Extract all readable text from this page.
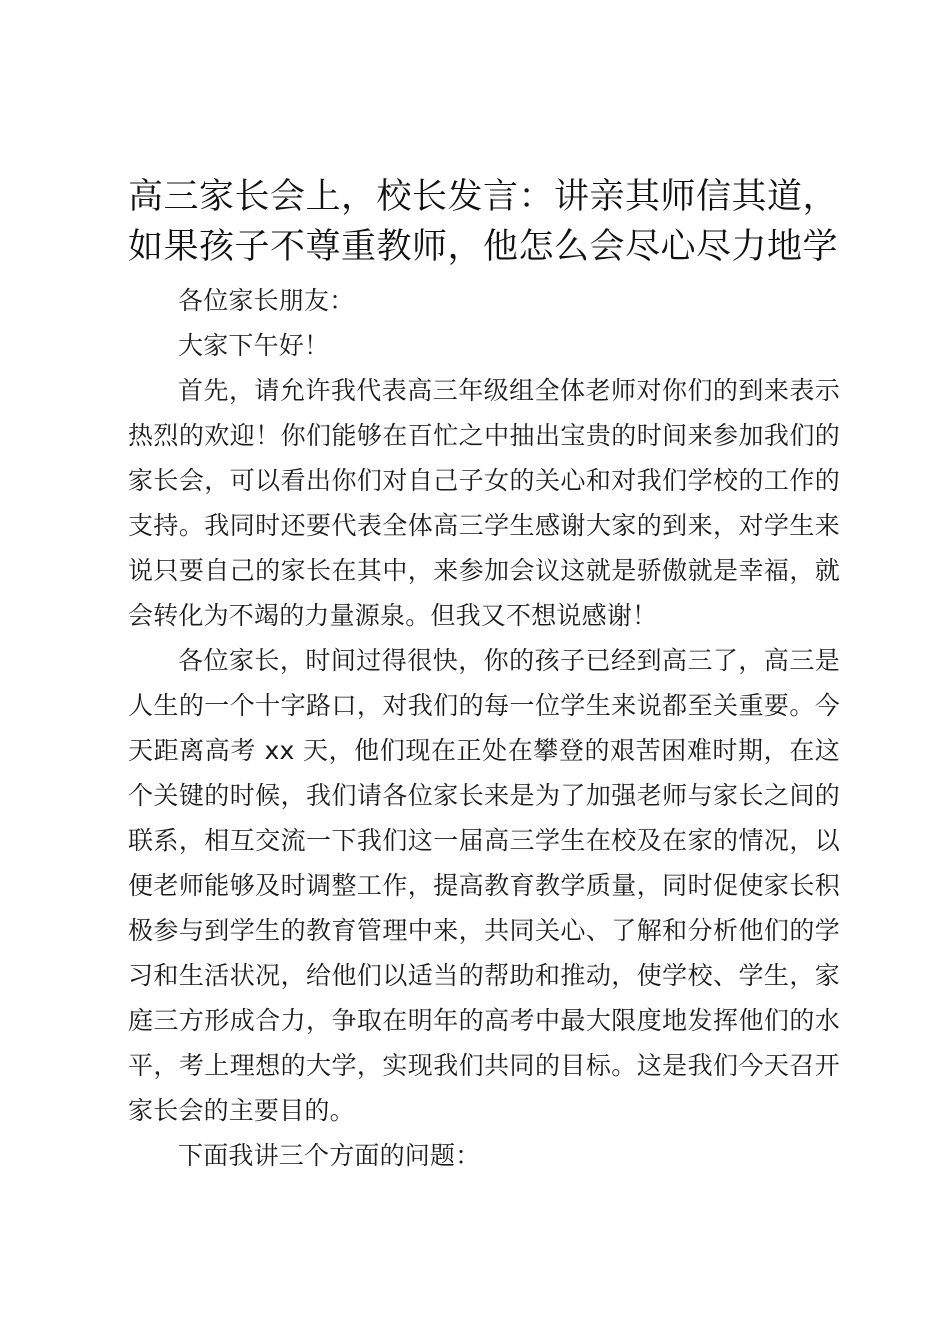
高三家长会上，校长发言：讲亲其师信其道，如果孩子不尊重教师，他怎么会尽心尽力地学

各位家长朋友：

大家下午好！

首先，请允许我代表高三年级组全体老师对你们的到来表示热烈的欢迎！你们能够在百忙之中抽出宝贵的时间来参加我们的家长会，可以看出你们对自己子女的关心和对我们学校的工作的支持。我同时还要代表全体高三学生感谢大家的到来，对学生来说只要自己的家长在其中，来参加会议这就是骄傲就是幸福，就会转化为不竭的力量源泉。但我又不想说感谢！

各位家长，时间过得很快，你的孩子已经到高三了，高三是人生的一个十字路口，对我们的每一位学生来说都至关重要。今天距离高考 xx 天，他们现在正处在攀登的艰苦困难时期，在这个关键的时候，我们请各位家长来是为了加强老师与家长之间的联系，相互交流一下我们这一届高三学生在校及在家的情况，以便老师能够及时调整工作，提高教育教学质量，同时促使家长积极参与到学生的教育管理中来，共同关心、了解和分析他们的学习和生活状况，给他们以适当的帮助和推动，使学校、学生，家庭三方形成合力，争取在明年的高考中最大限度地发挥他们的水平，考上理想的大学，实现我们共同的目标。这是我们今天召开家长会的主要目的。

下面我讲三个方面的问题：
